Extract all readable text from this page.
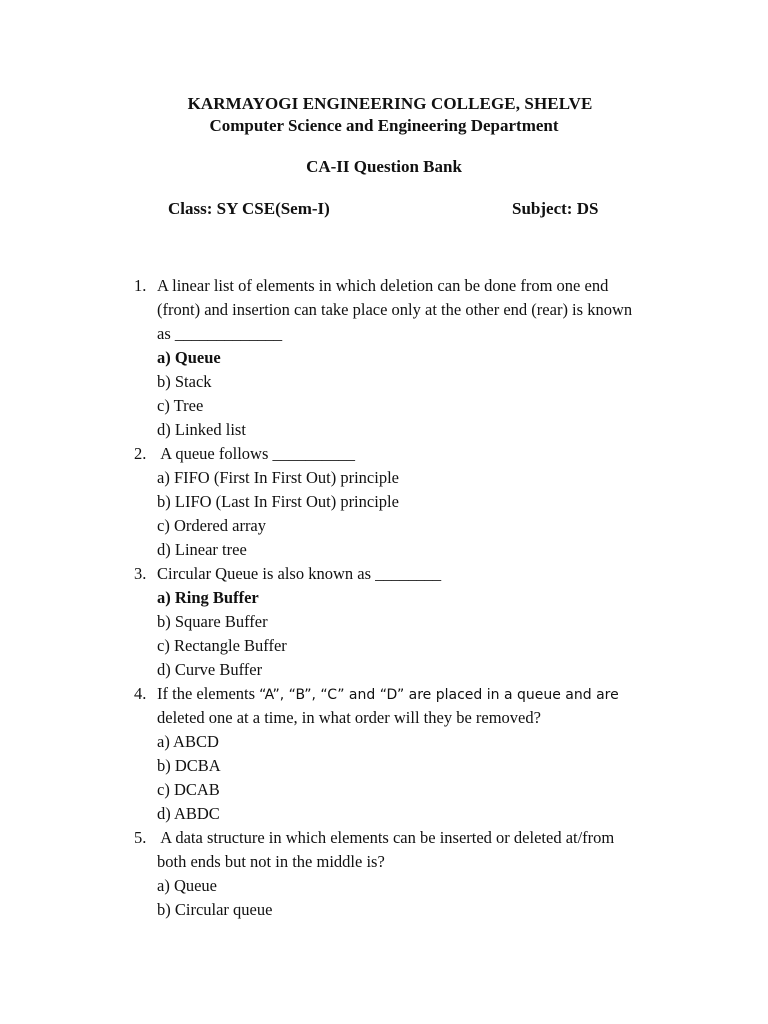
KARMAYOGI ENGINEERING COLLEGE, SHELVE
Computer Science and Engineering Department
CA-II Question Bank
Class: SY CSE(Sem-I)	Subject: DS
1. A linear list of elements in which deletion can be done from one end
(front) and insertion can take place only at the other end (rear) is known
as _____________
a) Queue
b) Stack
c) Tree
d) Linked list
2. A queue follows __________
a) FIFO (First In First Out) principle
b) LIFO (Last In First Out) principle
c) Ordered array
d) Linear tree
3. Circular Queue is also known as ________
a) Ring Buffer
b) Square Buffer
c) Rectangle Buffer
d) Curve Buffer
4. If the elements “A”, “B”, “C” and “D” are placed in a queue and are
deleted one at a time, in what order will they be removed?
a) ABCD
b) DCBA
c) DCAB
d) ABDC
5. A data structure in which elements can be inserted or deleted at/from
both ends but not in the middle is?
a) Queue
b) Circular queue
